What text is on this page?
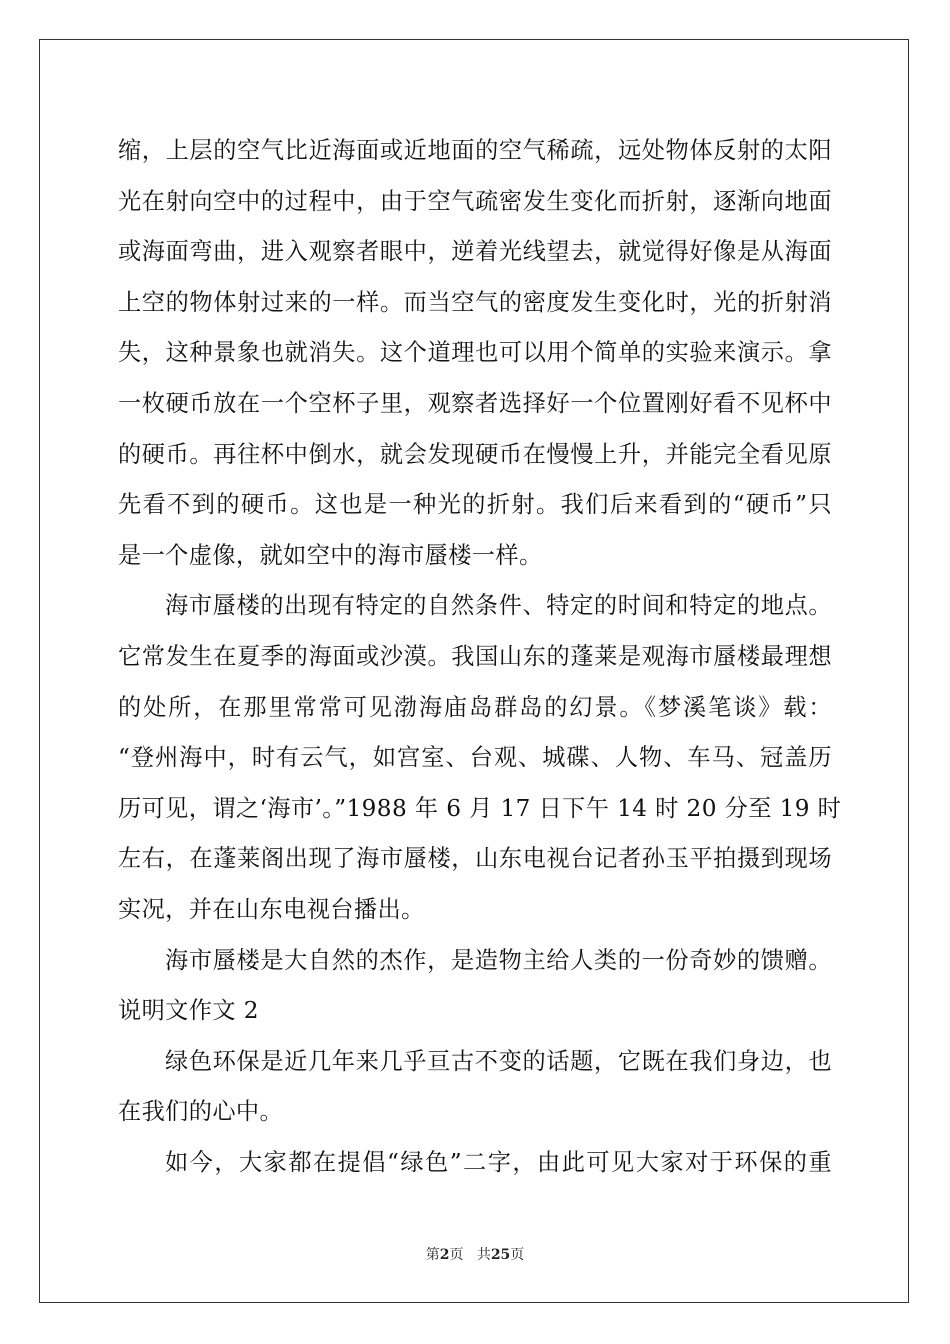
缩，上层的空气比近海面或近地面的空气稀疏，远处物体反射的太阳
光在射向空中的过程中，由于空气疏密发生变化而折射，逐渐向地面
或海面弯曲，进入观察者眼中，逆着光线望去，就觉得好像是从海面
上空的物体射过来的一样。而当空气的密度发生变化时，光的折射消
失，这种景象也就消失。这个道理也可以用个简单的实验来演示。拿
一枚硬币放在一个空杯子里，观察者选择好一个位置刚好看不见杯中
的硬币。再往杯中倒水，就会发现硬币在慢慢上升，并能完全看见原
先看不到的硬币。这也是一种光的折射。我们后来看到的“硬币”只
是一个虚像，就如空中的海市蜃楼一样。
海市蜃楼的出现有特定的自然条件、特定的时间和特定的地点。
它常发生在夏季的海面或沙漠。我国山东的蓬莱是观海市蜃楼最理想
的处所，在那里常常可见渤海庙岛群岛的幻景。《梦溪笔谈》载：
“登州海中，时有云气，如宫室、台观、城碟、人物、车马、冠盖历
历可见，谓之‘海市’。”1988 年 6 月 17 日下午 14 时 20 分至 19 时
左右，在蓬莱阁出现了海市蜃楼，山东电视台记者孙玉平拍摄到现场
实况，并在山东电视台播出。
海市蜃楼是大自然的杰作，是造物主给人类的一份奇妙的馈赠。
说明文作文 2
绿色环保是近几年来几乎亘古不变的话题，它既在我们身边，也
在我们的心中。
如今，大家都在提倡“绿色”二字，由此可见大家对于环保的重
第2页 共25页
